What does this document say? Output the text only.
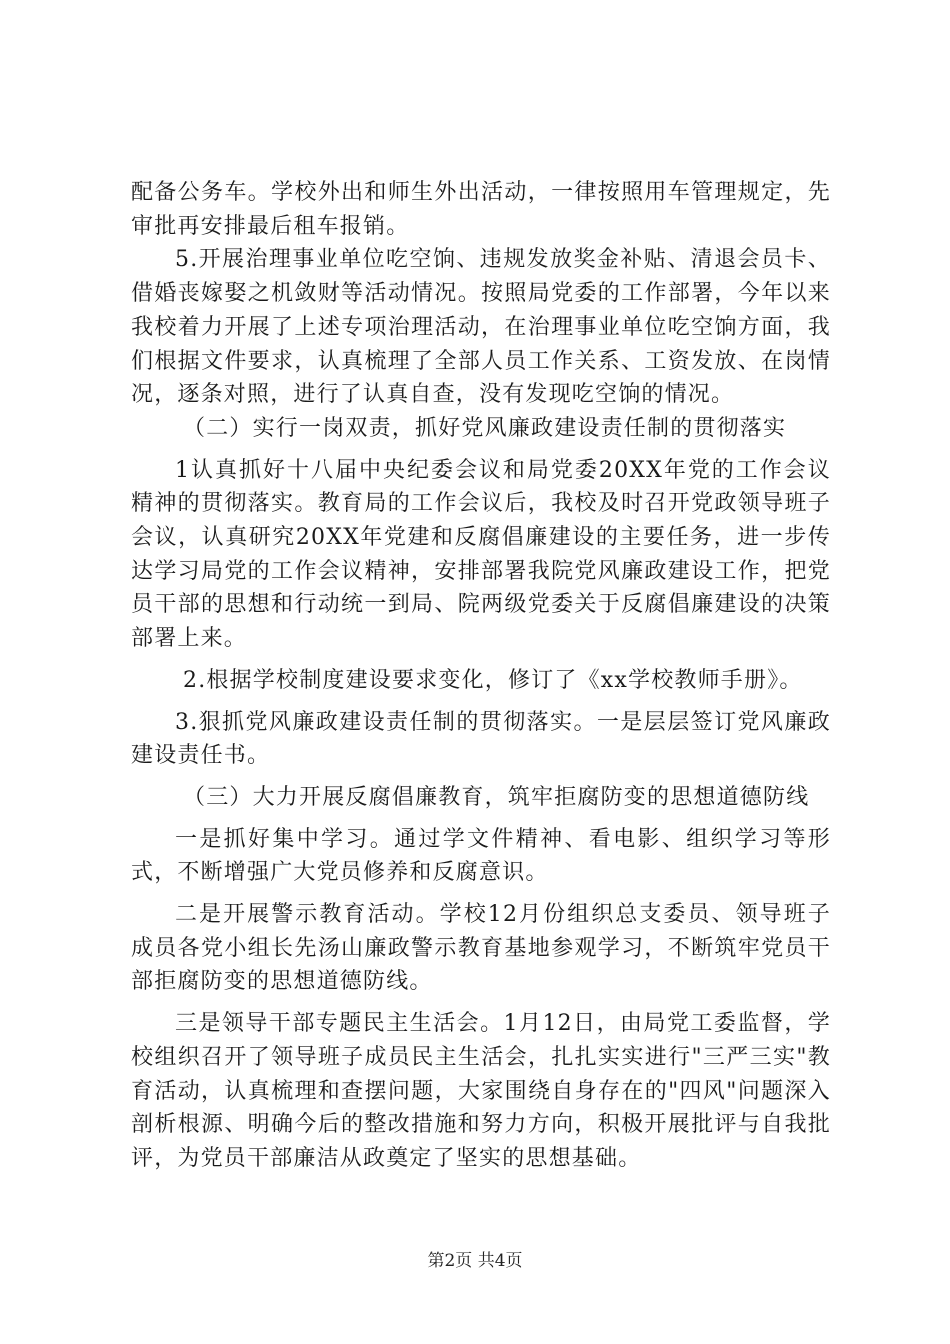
配备公务车。学校外出和师生外出活动，一律按照用车管理规定，先审批再安排最后租车报销。

5.开展治理事业单位吃空饷、违规发放奖金补贴、清退会员卡、借婚丧嫁娶之机敛财等活动情况。按照局党委的工作部署，今年以来我校着力开展了上述专项治理活动，在治理事业单位吃空饷方面，我们根据文件要求，认真梳理了全部人员工作关系、工资发放、在岗情况，逐条对照，进行了认真自查，没有发现吃空饷的情况。

（二）实行一岗双责，抓好党风廉政建设责任制的贯彻落实

1认真抓好十八届中央纪委会议和局党委20XX年党的工作会议精神的贯彻落实。教育局的工作会议后，我校及时召开党政领导班子会议，认真研究20XX年党建和反腐倡廉建设的主要任务，进一步传达学习局党的工作会议精神，安排部署我院党风廉政建设工作，把党员干部的思想和行动统一到局、院两级党委关于反腐倡廉建设的决策部署上来。

2.根据学校制度建设要求变化，修订了《xx学校教师手册》。

3.狠抓党风廉政建设责任制的贯彻落实。一是层层签订党风廉政建设责任书。

（三）大力开展反腐倡廉教育，筑牢拒腐防变的思想道德防线

一是抓好集中学习。通过学文件精神、看电影、组织学习等形式，不断增强广大党员修养和反腐意识。

二是开展警示教育活动。学校12月份组织总支委员、领导班子成员各党小组长先汤山廉政警示教育基地参观学习，不断筑牢党员干部拒腐防变的思想道德防线。

三是领导干部专题民主生活会。1月12日，由局党工委监督，学校组织召开了领导班子成员民主生活会，扎扎实实进行"三严三实"教育活动，认真梳理和查摆问题，大家围绕自身存在的"四风"问题深入剖析根源、明确今后的整改措施和努力方向，积极开展批评与自我批评，为党员干部廉洁从政奠定了坚实的思想基础。

第2页 共4页
